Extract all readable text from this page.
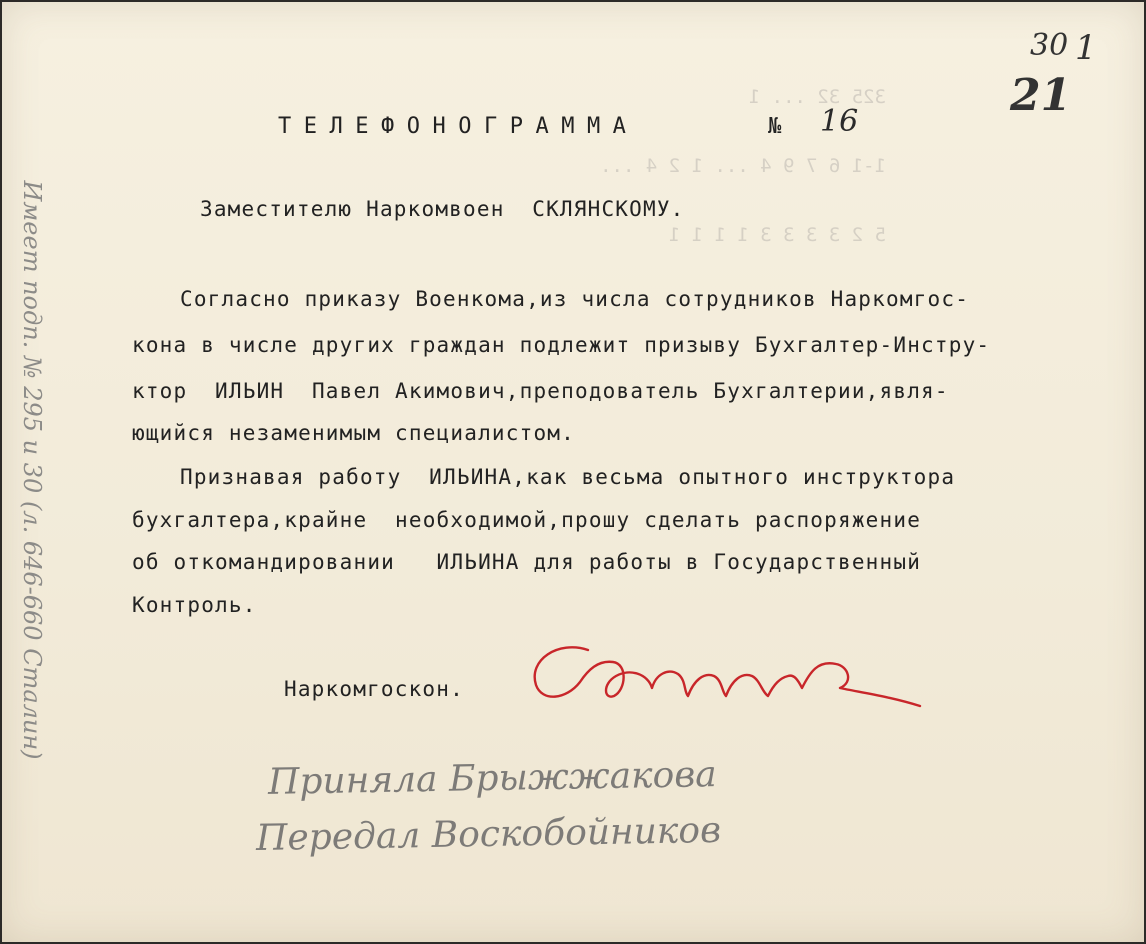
325 32 ... 1

1-1 6 7 9 4 ... 1 2 4 ...

5 2 3 3 3 3 1 1 1 1

30
21
1
Имеет подп. № 295 и 30 (л. 646-660 Сталин)
ТЕЛЕФОНОГРАММА	№ 16
Заместителю Наркомвоен  СКЛЯНСКОМУ.
Согласно приказу Военкома,из числа сотрудников Наркомгос-
кона в числе других граждан подлежит призыву Бухгалтер-Инстру-
ктор  ИЛЬИН  Павел Акимович,преподователь Бухгалтерии,явля-
ющийся незаменимым специалистом.
Признавая работу  ИЛЬИНА,как весьма опытного инструктора
бухгалтера,крайне  необходимой,прошу сделать распоряжение
об откомандировании   ИЛЬИНА для работы в Государственный
Контроль.
Наркомгоскон.
Приняла Брыжжакова
Передал Воскобойников
